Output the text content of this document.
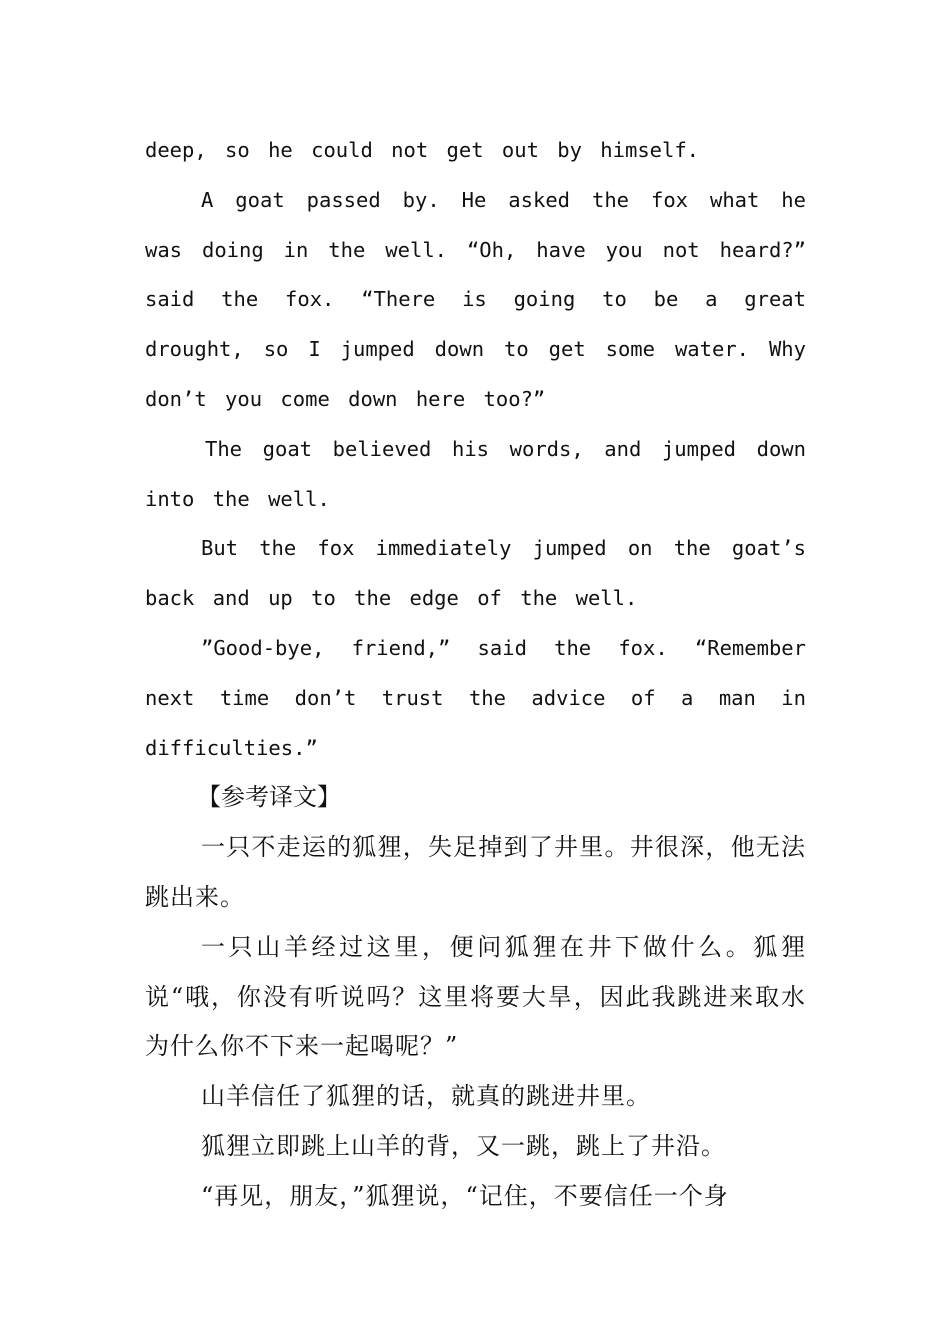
deep, so he could not get out by himself.

A goat passed by. He asked the fox what he was doing in the well. “Oh, have you not heard?” said the fox. “There is going to be a great drought, so I jumped down to get some water. Why don’t you come down here too?”

The goat believed his words, and jumped down into the well.

But the fox immediately jumped on the goat’s back and up to the edge of the well.

”Good-bye, friend,” said the fox. “Remember next time don’t trust the advice of a man in difficulties.”

【参考译文】

一只不走运的狐狸，失足掉到了井里。井很深，他无法跳出来。

一只山羊经过这里，便问狐狸在井下做什么。狐狸说“哦，你没有听说吗？这里将要大旱，因此我跳进来取水为什么你不下来一起喝呢？”

山羊信任了狐狸的话，就真的跳进井里。

狐狸立即跳上山羊的背，又一跳，跳上了井沿。

“再见，朋友，”狐狸说，“记住，不要信任一个身
